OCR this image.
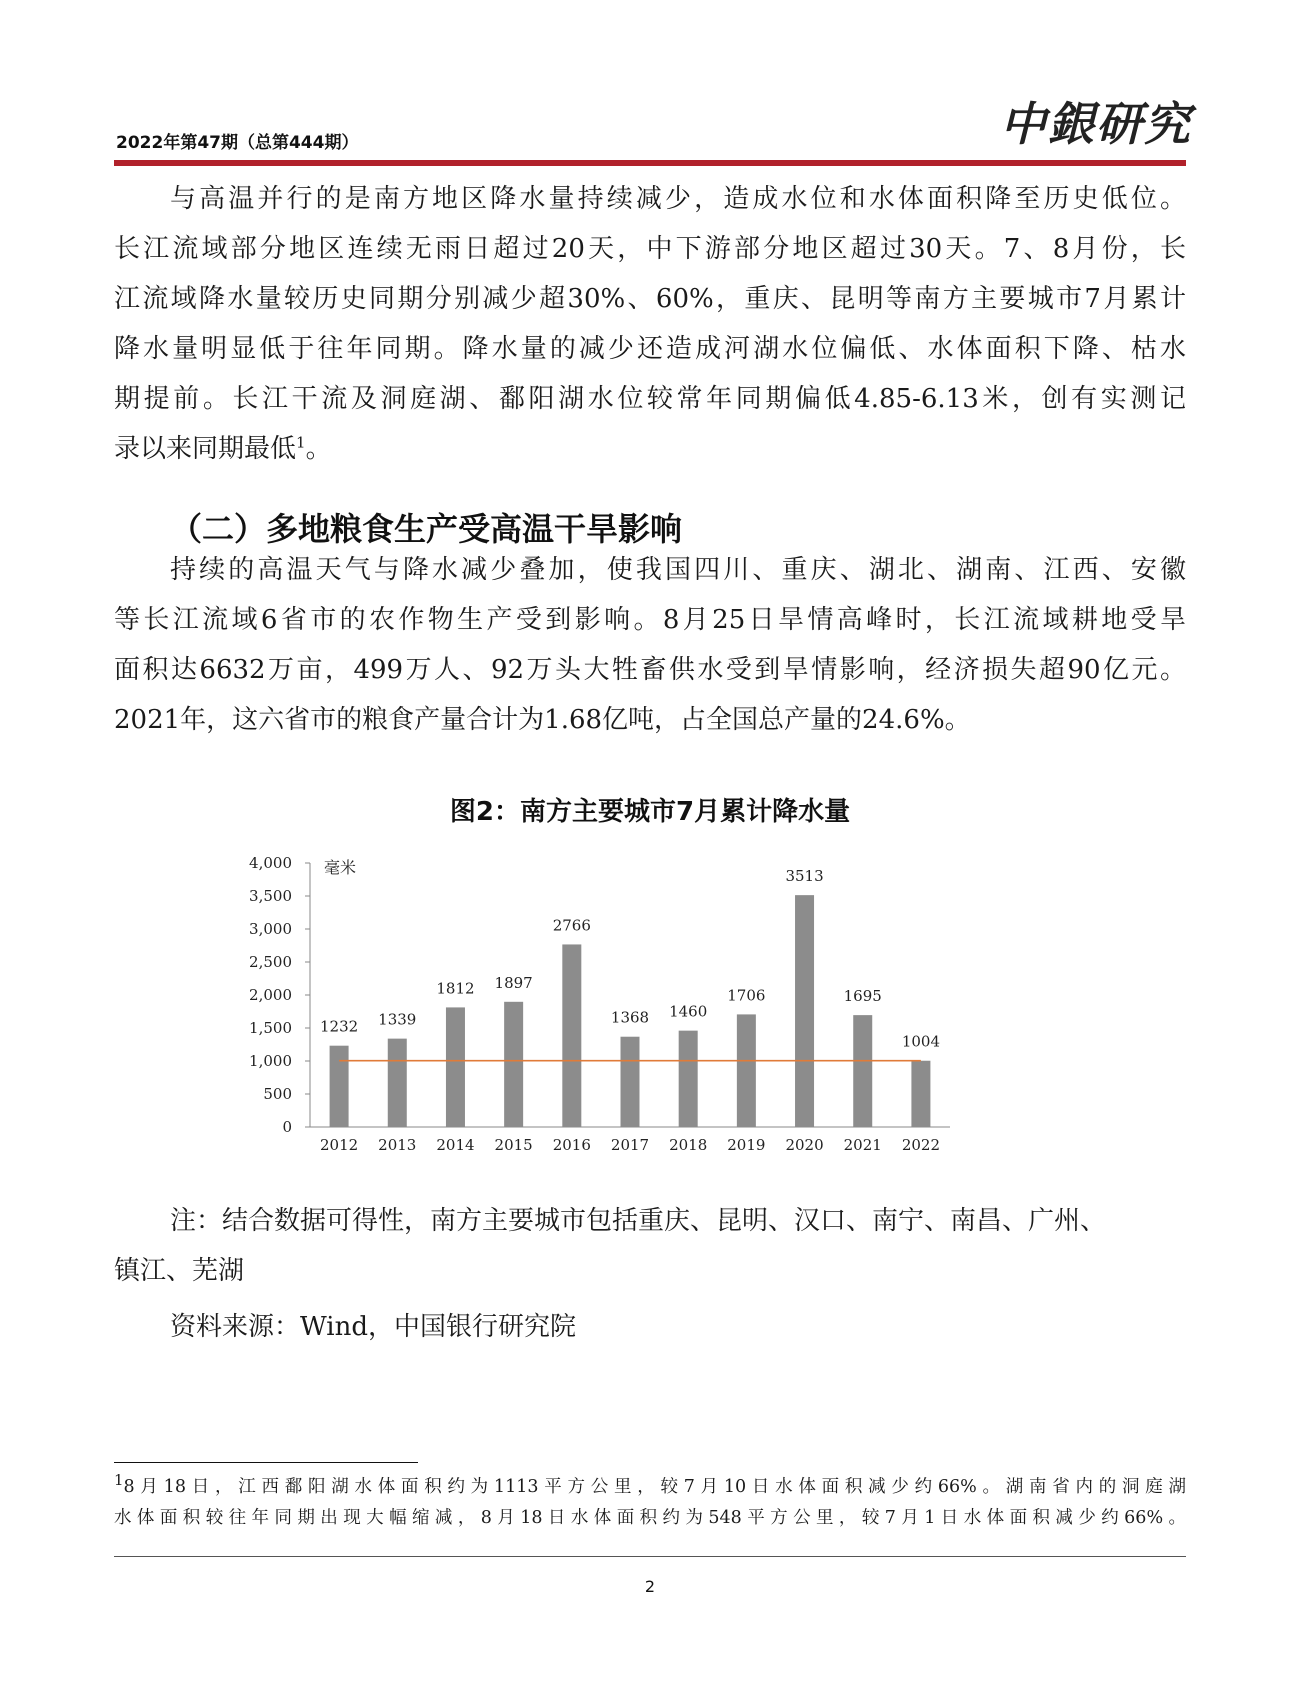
2022年第47期（总第444期）	中銀研究
与高温并行的是南方地区降水量持续减少，造成水位和水体面积降至历史低位。
长江流域部分地区连续无雨日超过20天，中下游部分地区超过30天。7、8月份，长
江流域降水量较历史同期分别减少超30%、60%，重庆、昆明等南方主要城市7月累计
降水量明显低于往年同期。降水量的减少还造成河湖水位偏低、水体面积下降、枯水
期提前。长江干流及洞庭湖、鄱阳湖水位较常年同期偏低4.85-6.13米，创有实测记
录以来同期最低$^1$。
（二）多地粮食生产受高温干旱影响
持续的高温天气与降水减少叠加，使我国四川、重庆、湖北、湖南、江西、安徽
等长江流域6省市的农作物生产受到影响。8月25日旱情高峰时，长江流域耕地受旱
面积达6632万亩，499万人、92万头大牲畜供水受到旱情影响，经济损失超90亿元。
2021年，这六省市的粮食产量合计为1.68亿吨，占全国总产量的24.6%。
图2：南方主要城市7月累计降水量
0
500
1,000
1,500
2,000
2,500
3,000
3,500
4,000 毫米
1232
2012
1339
2013
1812
2014
1897
2015
2766
2016
1368
2017
1460
2018
1706
2019
3513
2020
1695
2021
1004
2022
注：结合数据可得性，南方主要城市包括重庆、昆明、汉口、南宁、南昌、广州、
镇江、芜湖
资料来源：Wind，中国银行研究院
$^1$8月18日，江西鄱阳湖水体面积约为1113平方公里，较7月10日水体面积减少约66%。湖南省内的洞庭湖
水体面积较往年同期出现大幅缩减，8月18日水体面积约为548平方公里，较7月1日水体面积减少约66%。
2
